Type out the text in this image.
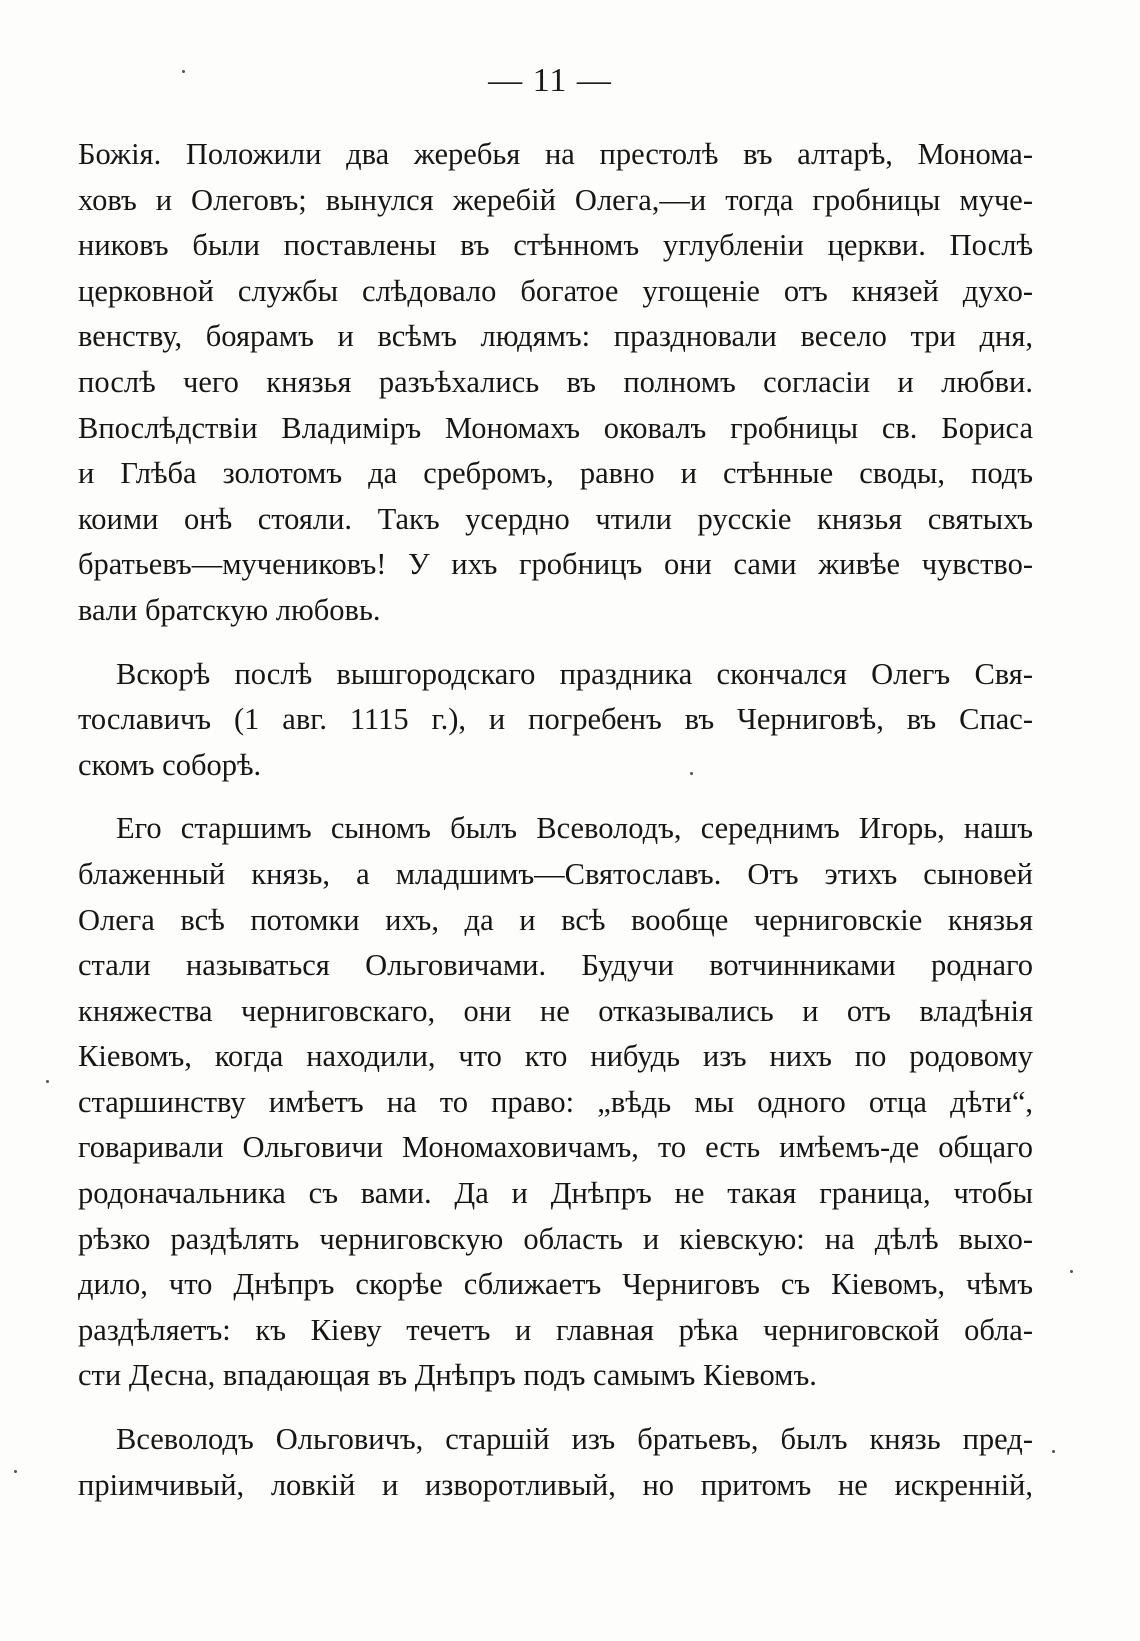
— 11 —

Божія. Положили два жеребья на престолѣ въ алтарѣ, Монома-
ховъ и Олеговъ; вынулся жеребій Олега,—и тогда гробницы муче-
никовъ были поставлены въ стѣнномъ углубленіи церкви. Послѣ
церковной службы слѣдовало богатое угощеніе отъ князей духо-
венству, боярамъ и всѣмъ людямъ: праздновали весело три дня,
послѣ чего князья разъѣхались въ полномъ согласіи и любви.
Впослѣдствіи Владиміръ Мономахъ оковалъ гробницы св. Бориса
и Глѣба золотомъ да сребромъ, равно и стѣнные своды, подъ
коими онѣ стояли. Такъ усердно чтили русскіе князья святыхъ
братьевъ—мучениковъ! У ихъ гробницъ они сами живѣе чувство-
вали братскую любовь.

Вскорѣ послѣ вышгородскаго праздника скончался Олегъ Свя-
тославичъ (1 авг. 1115 г.), и погребенъ въ Черниговѣ, въ Спас-
скомъ соборѣ.

Его старшимъ сыномъ былъ Всеволодъ, середнимъ Игорь, нашъ
блаженный князь, а младшимъ—Святославъ. Отъ этихъ сыновей
Олега всѣ потомки ихъ, да и всѣ вообще черниговскіе князья
стали называться Ольговичами. Будучи вотчинниками роднаго
княжества черниговскаго, они не отказывались и отъ владѣнія
Кіевомъ, когда находили, что кто нибудь изъ нихъ по родовому
старшинству имѣетъ на то право: „вѣдь мы одного отца дѣти“,
говаривали Ольговичи Мономаховичамъ, то есть имѣемъ-де общаго
родоначальника съ вами. Да и Днѣпръ не такая граница, чтобы
рѣзко раздѣлять черниговскую область и кіевскую: на дѣлѣ выхо-
дило, что Днѣпръ скорѣе сближаетъ Черниговъ съ Кіевомъ, чѣмъ
раздѣляетъ: къ Кіеву течетъ и главная рѣка черниговской обла-
сти Десна, впадающая въ Днѣпръ подъ самымъ Кіевомъ.

Всеволодъ Ольговичъ, старшій изъ братьевъ, былъ князь пред-
пріимчивый, ловкій и изворотливый, но притомъ не искренній,
